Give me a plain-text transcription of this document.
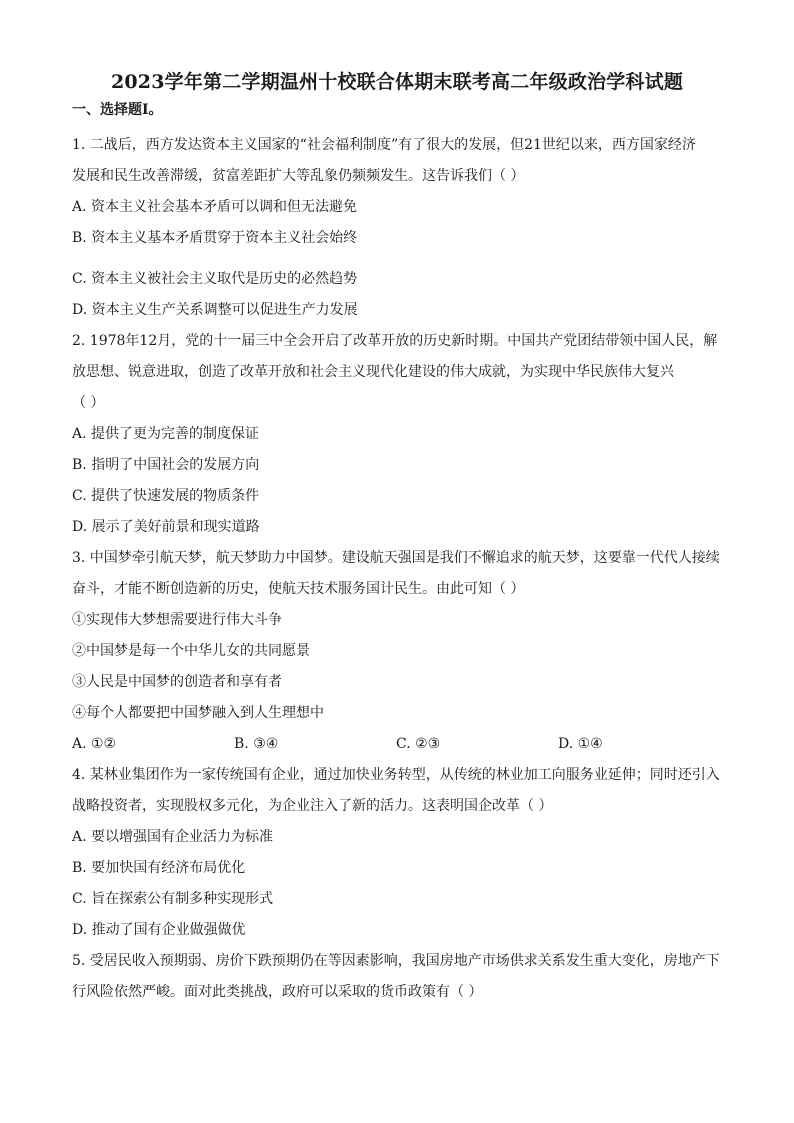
2023学年第二学期温州十校联合体期末联考高二年级政治学科试题
一、选择题Ⅰ。
1. 二战后，西方发达资本主义国家的“社会福利制度”有了很大的发展，但21世纪以来，西方国家经济
发展和民生改善滞缓，贫富差距扩大等乱象仍频频发生。这告诉我们（ ）
A. 资本主义社会基本矛盾可以调和但无法避免
B. 资本主义基本矛盾贯穿于资本主义社会始终
C. 资本主义被社会主义取代是历史的必然趋势
D. 资本主义生产关系调整可以促进生产力发展
2. 1978年12月，党的十一届三中全会开启了改革开放的历史新时期。中国共产党团结带领中国人民，解
放思想、锐意进取，创造了改革开放和社会主义现代化建设的伟大成就，为实现中华民族伟大复兴
（ ）
A. 提供了更为完善的制度保证
B. 指明了中国社会的发展方向
C. 提供了快速发展的物质条件
D. 展示了美好前景和现实道路
3. 中国梦牵引航天梦，航天梦助力中国梦。建设航天强国是我们不懈追求的航天梦，这要靠一代代人接续
奋斗，才能不断创造新的历史，使航天技术服务国计民生。由此可知（ ）
①实现伟大梦想需要进行伟大斗争
②中国梦是每一个中华儿女的共同愿景
③人民是中国梦的创造者和享有者
④每个人都要把中国梦融入到人生理想中
A. ①②	B. ③④	C. ②③	D. ①④
4. 某林业集团作为一家传统国有企业，通过加快业务转型，从传统的林业加工向服务业延伸；同时还引入
战略投资者，实现股权多元化，为企业注入了新的活力。这表明国企改革（ ）
A. 要以增强国有企业活力为标准
B. 要加快国有经济布局优化
C. 旨在探索公有制多种实现形式
D. 推动了国有企业做强做优
5. 受居民收入预期弱、房价下跌预期仍在等因素影响，我国房地产市场供求关系发生重大变化，房地产下
行风险依然严峻。面对此类挑战，政府可以采取的货币政策有（ ）
